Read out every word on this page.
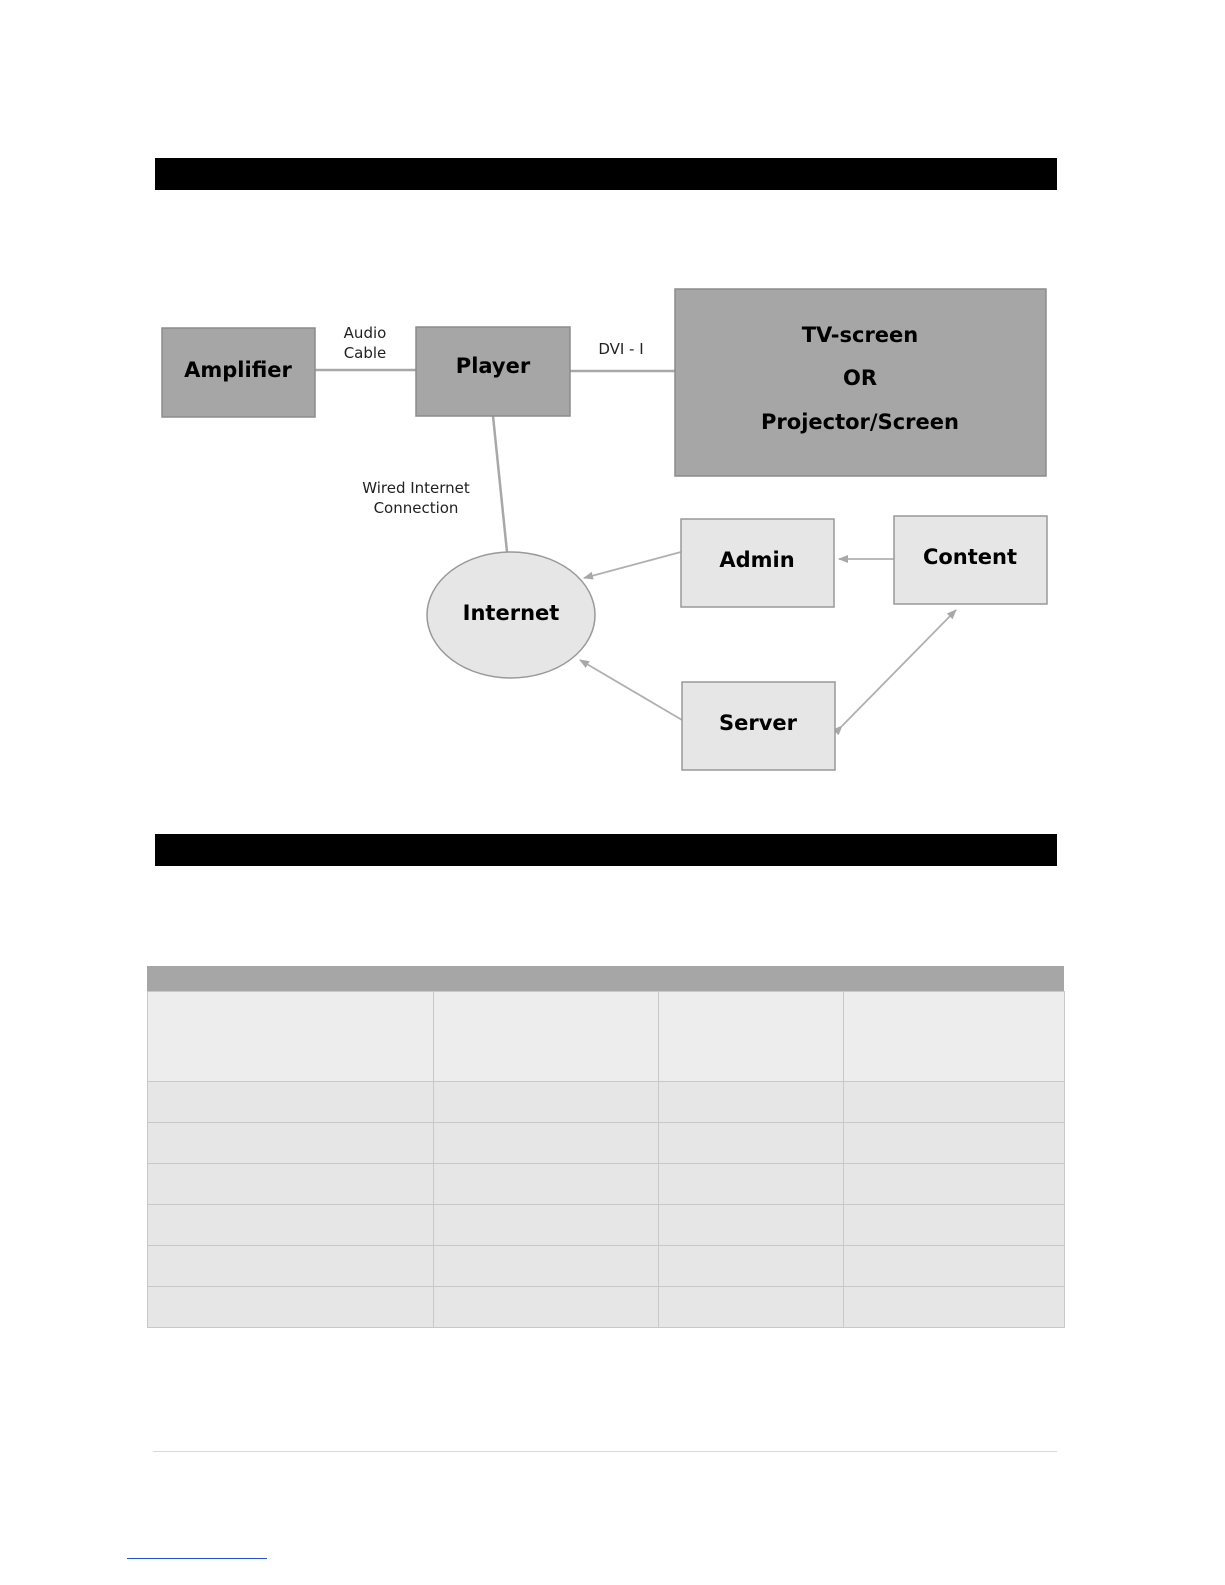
Amplifier	Player
TV-screen
OR
Projector/Screen
Internet
Admin	Content
Server
Audio
Cable	DVI - I
Wired Internet
Connection
